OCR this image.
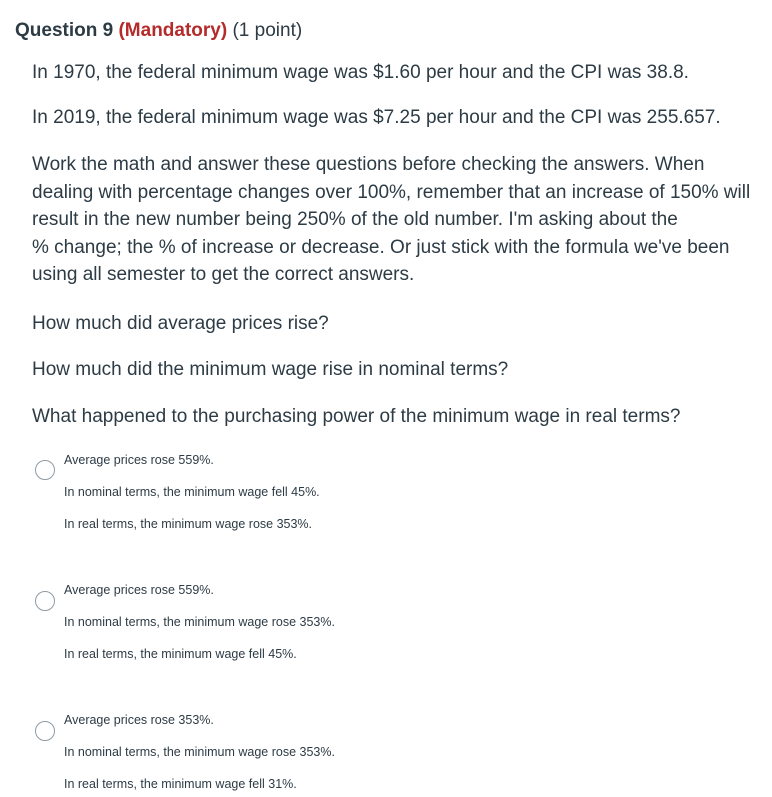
Question 9 (Mandatory) (1 point)

In 1970, the federal minimum wage was $1.60 per hour and the CPI was 38.8.

In 2019, the federal minimum wage was $7.25 per hour and the CPI was 255.657.

Work the math and answer these questions before checking the answers. When
dealing with percentage changes over 100%, remember that an increase of 150% will
result in the new number being 250% of the old number. I'm asking about the
% change; the % of increase or decrease. Or just stick with the formula we've been
using all semester to get the correct answers.

How much did average prices rise?

How much did the minimum wage rise in nominal terms?

What happened to the purchasing power of the minimum wage in real terms?

Average prices rose 559%.
In nominal terms, the minimum wage fell 45%.
In real terms, the minimum wage rose 353%.
Average prices rose 559%.
In nominal terms, the minimum wage rose 353%.
In real terms, the minimum wage fell 45%.
Average prices rose 353%.
In nominal terms, the minimum wage rose 353%.
In real terms, the minimum wage fell 31%.
